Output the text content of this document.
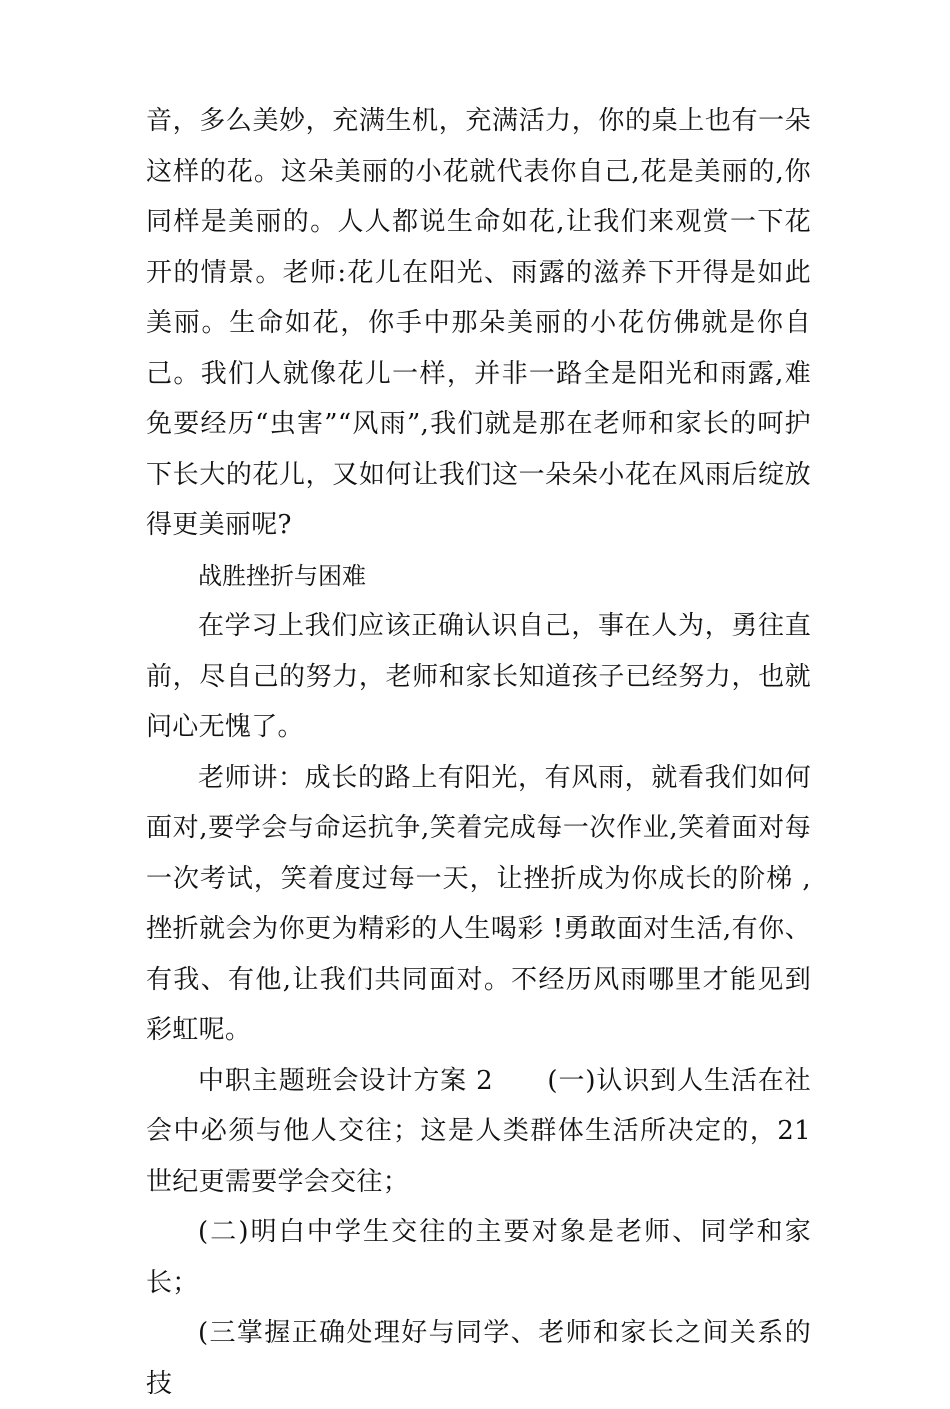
音，多么美妙，充满生机，充满活力，你的桌上也有一朵这样的花。这朵美丽的小花就代表你自己,花是美丽的,你同样是美丽的。人人都说生命如花,让我们来观赏一下花开的情景。老师:花儿在阳光、雨露的滋养下开得是如此美丽。生命如花，你手中那朵美丽的小花仿佛就是你自己。我们人就像花儿一样，并非一路全是阳光和雨露,难免要经历“虫害”“风雨”,我们就是那在老师和家长的呵护下长大的花儿，又如何让我们这一朵朵小花在风雨后绽放得更美丽呢?

战胜挫折与困难

在学习上我们应该正确认识自己，事在人为，勇往直前，尽自己的努力，老师和家长知道孩子已经努力，也就问心无愧了。

老师讲：成长的路上有阳光，有风雨，就看我们如何面对,要学会与命运抗争,笑着完成每一次作业,笑着面对每一次考试，笑着度过每一天，让挫折成为你成长的阶梯 ,挫折就会为你更为精彩的人生喝彩 !勇敢面对生活,有你、有我、有他,让我们共同面对。不经历风雨哪里才能见到彩虹呢。

中职主题班会设计方案 2　　(一)认识到人生活在社会中必须与他人交往；这是人类群体生活所决定的，21 世纪更需要学会交往；

(二)明白中学生交往的主要对象是老师、同学和家长；

(三掌握正确处理好与同学、老师和家长之间关系的技
